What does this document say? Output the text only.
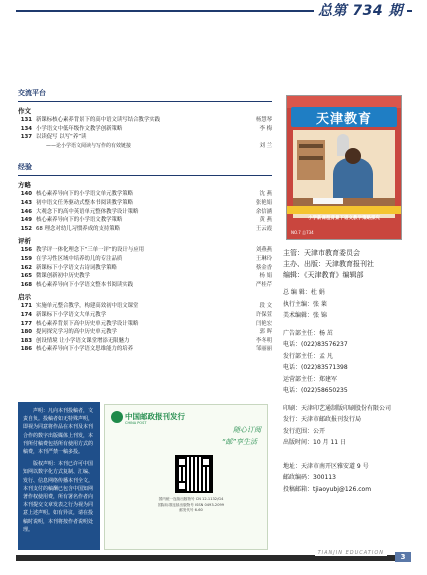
总第 734 期
交流平台
作文
131 新课标核心素养背景下的高中语文读写结合教学实践	杨慧琴
134 小学语文中低年级作文教学创新策略	李 梅
137 以读促写 以写“养”读
——论小学语文阅读与写作的有效链接	刘 兰
经验
方略
140 核心素养导向下的小学语文单元教学策略	沈 燕
143 初中语文任务驱动式整本书阅读教学策略	张艳娟
146 大观念下的高中英语单元整体教学设计策略	余信涵
149 核心素养导向下的小学语文教学策略	黄 燕
152 68 理念对幼儿习惯养成的支持策略	王云霞
评析
156 教学评一体化理念下“三单一评”的设计与应用	刘燕燕
159 在学习性区域中培养幼儿的专注品质	王琳玲
162 新课标下小学语文古诗词教学策略	蔡金香
165 微课创新初中历史教学	杨 娟
168 核心素养导向下小学语文整本书阅读实践	严桂芹
启示
171 实施单元整合教学，构建高效初中语文课堂	段 文
174 新课标下小学语文大单元教学	许保萱
177 核心素养背景下高中历史单元教学设计策略	闫艳宏
180 提问探究学习的高中历史单元教学	郭 晖
183 创设情境 让小学语文课堂增添无限魅力	李冬明
186 核心素养导向下小学语文思维能力的培养	邹丽丽
天津教育
小学新课程背景下语文教学策略探究
NO.7 总734
主管：天津市教育委员会
主办、出版：天津教育报刊社
编辑：《天津教育》编辑部
总 编 辑：杜 娟
执行主编：张 莱
美术编辑：张 锦
广告部主任：杨 茁
电话：(022)83576237
发行部主任：孟 凡
电话：(022)83571398
运营部主任：郑建军
电话：(022)58650235
印刷：天津印艺通制版印刷股份有限公司
发行：天津市邮政报刊发行局
发行范围：公开
出版时间：10 月 11 日
地址：天津市南开区雅安道 9 号
邮政编码：300113
投稿邮箱：tjiaoyubj@126.com

声明：凡向本刊投稿者，文责自负。投稿者如无特殊声明，即视为同意将作品在本刊及本刊合作的数字出版媒体上刊发，本刊所付稿费包括所有使用方式的稿费，本刊严禁一稿多投。

版权声明：本刊已许可中国知网以数字化方式复制、汇编、发行、信息网络传播本刊全文。本刊支付的稿酬已包含中国知网著作权使用费，所有署名作者向本刊提交文章发表之行为视为同意上述声明。如有异议，请在投稿时说明，本刊将按作者说明处理。

中国邮政报刊发行
CHINA POST
随心订阅
“邮”享生活
国内统一连续出版物号 CN 12-1132/G4
国际标准连续出版物号 ISSN 0493-2099
邮发代号 6-60
TIANJIN EDUCATION	3
